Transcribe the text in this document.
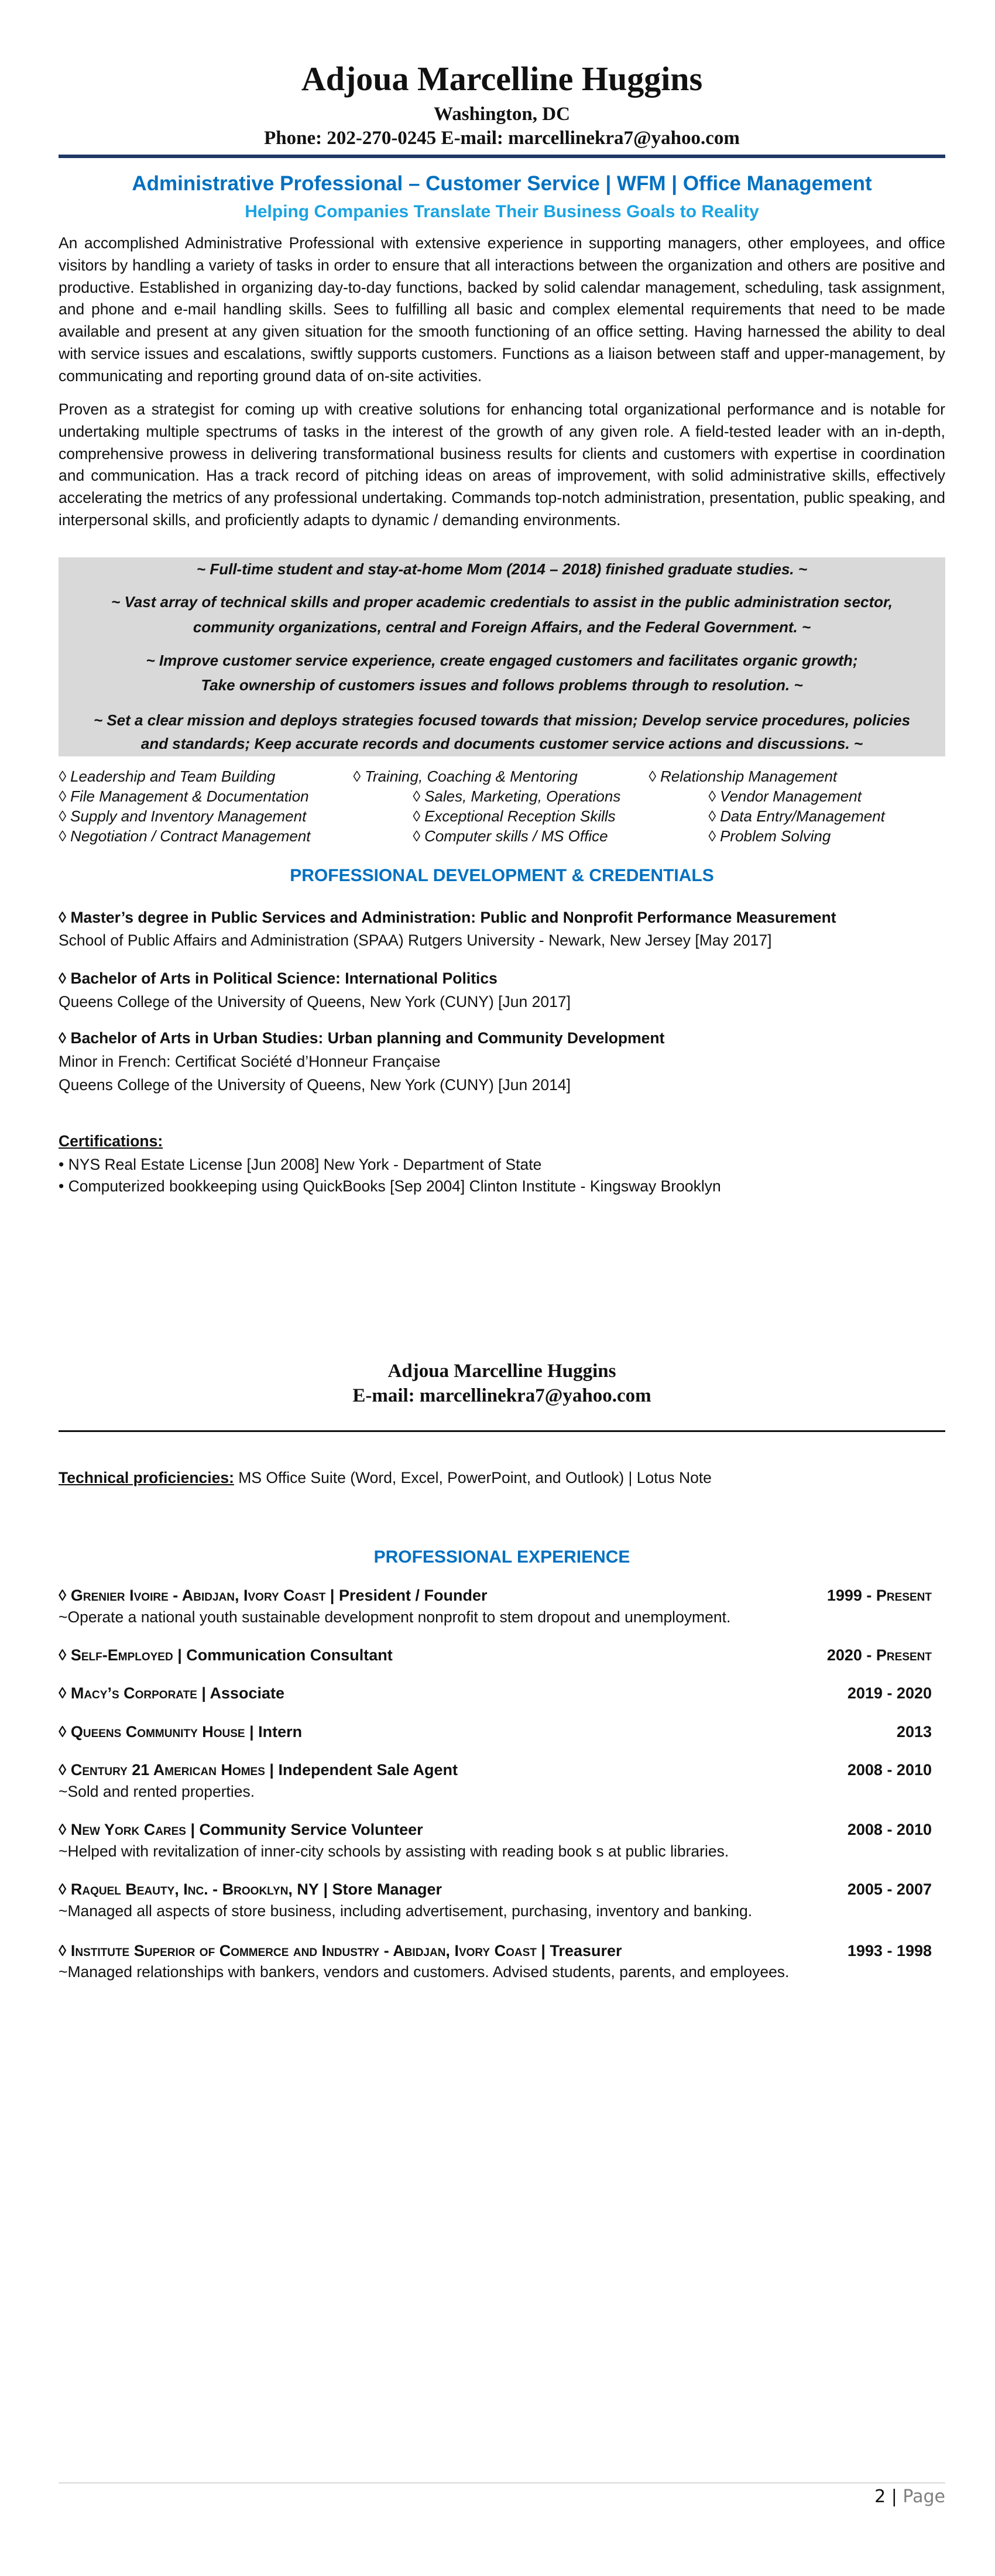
Adjoua Marcelline Huggins
Washington, DC
Phone: 202-270-0245 E-mail: marcellinekra7@yahoo.com
Administrative Professional – Customer Service | WFM | Office Management
Helping Companies Translate Their Business Goals to Reality
An accomplished Administrative Professional with extensive experience in supporting managers, other employees, and office visitors by handling a variety of tasks in order to ensure that all interactions between the organization and others are positive and productive. Established in organizing day-to-day functions, backed by solid calendar management, scheduling, task assignment, and phone and e-mail handling skills. Sees to fulfilling all basic and complex elemental requirements that need to be made available and present at any given situation for the smooth functioning of an office setting. Having harnessed the ability to deal with service issues and escalations, swiftly supports customers. Functions as a liaison between staff and upper-management, by communicating and reporting ground data of on-site activities.
Proven as a strategist for coming up with creative solutions for enhancing total organizational performance and is notable for undertaking multiple spectrums of tasks in the interest of the growth of any given role. A field-tested leader with an in-depth, comprehensive prowess in delivering transformational business results for clients and customers with expertise in coordination and communication. Has a track record of pitching ideas on areas of improvement, with solid administrative skills, effectively accelerating the metrics of any professional undertaking. Commands top-notch administration, presentation, public speaking, and interpersonal skills, and proficiently adapts to dynamic / demanding environments.
~ Full-time student and stay-at-home Mom (2014 – 2018) finished graduate studies. ~
~ Vast array of technical skills and proper academic credentials to assist in the public administration sector,
community organizations, central and Foreign Affairs, and the Federal Government. ~
~ Improve customer service experience, create engaged customers and facilitates organic growth;
Take ownership of customers issues and follows problems through to resolution. ~
~ Set a clear mission and deploys strategies focused towards that mission; Develop service procedures, policies
and standards; Keep accurate records and documents customer service actions and discussions. ~
◊ Leadership and Team Building	◊ Training, Coaching & Mentoring	◊ Relationship Management
◊ File Management & Documentation	◊ Sales, Marketing, Operations	◊ Vendor Management
◊ Supply and Inventory Management	◊ Exceptional Reception Skills	◊ Data Entry/Management
◊ Negotiation / Contract Management	◊ Computer skills / MS Office	◊ Problem Solving
PROFESSIONAL DEVELOPMENT & CREDENTIALS
◊ Master’s degree in Public Services and Administration: Public and Nonprofit Performance Measurement
School of Public Affairs and Administration (SPAA) Rutgers University - Newark, New Jersey [May 2017]
◊ Bachelor of Arts in Political Science: International Politics
Queens College of the University of Queens, New York (CUNY) [Jun 2017]
◊ Bachelor of Arts in Urban Studies: Urban planning and Community Development
Minor in French: Certificat Société d’Honneur Française
Queens College of the University of Queens, New York (CUNY) [Jun 2014]
Certifications:
• NYS Real Estate License [Jun 2008] New York - Department of State
• Computerized bookkeeping using QuickBooks [Sep 2004] Clinton Institute - Kingsway Brooklyn
Adjoua Marcelline Huggins
E-mail: marcellinekra7@yahoo.com
Technical proficiencies: MS Office Suite (Word, Excel, PowerPoint, and Outlook) | Lotus Note
PROFESSIONAL EXPERIENCE
◊ Grenier Ivoire - Abidjan, Ivory Coast | President / Founder	1999 - Present
~Operate a national youth sustainable development nonprofit to stem dropout and unemployment.
◊ Self-Employed | Communication Consultant	2020 - Present
◊ Macy’s Corporate | Associate	2019 - 2020
◊ Queens Community House | Intern	2013
◊ Century 21 American Homes | Independent Sale Agent	2008 - 2010
~Sold and rented properties.
◊ New York Cares | Community Service Volunteer	2008 - 2010
~Helped with revitalization of inner-city schools by assisting with reading book s at public libraries.
◊ Raquel Beauty, Inc. - Brooklyn, NY | Store Manager	2005 - 2007
~Managed all aspects of store business, including advertisement, purchasing, inventory and banking.
◊ Institute Superior of Commerce and Industry - Abidjan, Ivory Coast | Treasurer	1993 - 1998
~Managed relationships with bankers, vendors and customers. Advised students, parents, and employees.
2 | Page
